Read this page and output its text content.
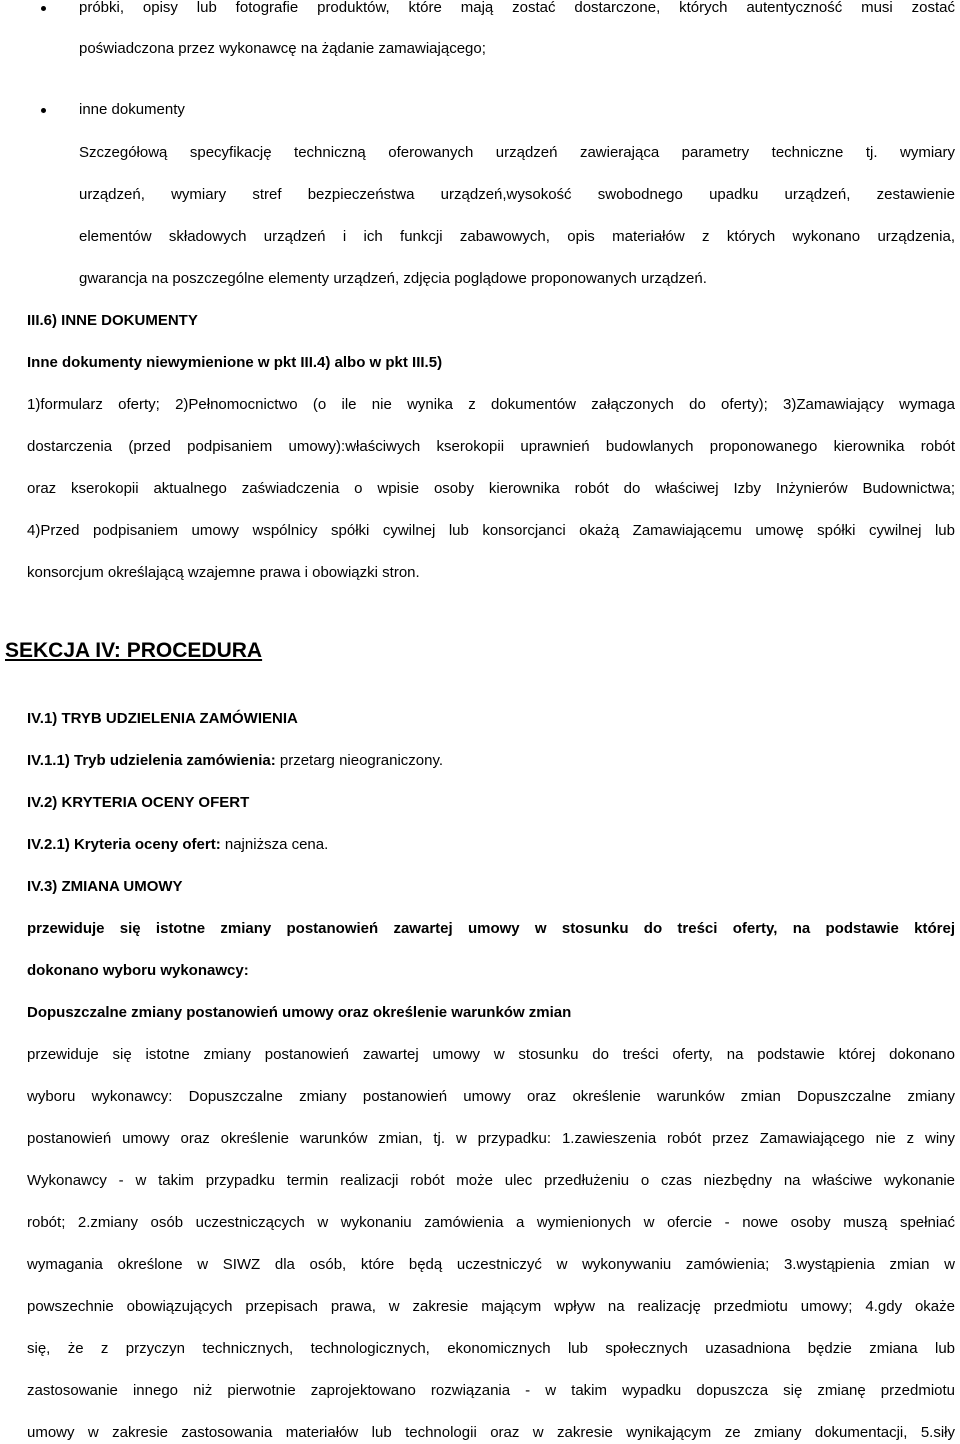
próbki, opisy lub fotografie produktów, które mają zostać dostarczone, których autentyczność musi zostać
poświadczona przez wykonawcę na żądanie zamawiającego;
inne dokumenty
Szczegółową specyfikację techniczną oferowanych urządzeń zawierająca parametry techniczne tj. wymiary
urządzeń, wymiary stref bezpieczeństwa urządzeń,wysokość swobodnego upadku urządzeń, zestawienie
elementów składowych urządzeń i ich funkcji zabawowych, opis materiałów z których wykonano urządzenia,
gwarancja na poszczególne elementy urządzeń, zdjęcia poglądowe proponowanych urządzeń.
III.6) INNE DOKUMENTY
Inne dokumenty niewymienione w pkt III.4) albo w pkt III.5)
1)formularz oferty; 2)Pełnomocnictwo (o ile nie wynika z dokumentów załączonych do oferty); 3)Zamawiający wymaga
dostarczenia (przed podpisaniem umowy):właściwych kserokopii uprawnień budowlanych proponowanego kierownika robót
oraz kserokopii aktualnego zaświadczenia o wpisie osoby kierownika robót do właściwej Izby Inżynierów Budownictwa;
4)Przed podpisaniem umowy wspólnicy spółki cywilnej lub konsorcjanci okażą Zamawiającemu umowę spółki cywilnej lub
konsorcjum określającą wzajemne prawa i obowiązki stron.
SEKCJA IV: PROCEDURA
IV.1) TRYB UDZIELENIA ZAMÓWIENIA
IV.1.1) Tryb udzielenia zamówienia: przetarg nieograniczony.
IV.2) KRYTERIA OCENY OFERT
IV.2.1) Kryteria oceny ofert: najniższa cena.
IV.3) ZMIANA UMOWY
przewiduje się istotne zmiany postanowień zawartej umowy w stosunku do treści oferty, na podstawie której
dokonano wyboru wykonawcy:
Dopuszczalne zmiany postanowień umowy oraz określenie warunków zmian
przewiduje się istotne zmiany postanowień zawartej umowy w stosunku do treści oferty, na podstawie której dokonano
wyboru wykonawcy: Dopuszczalne zmiany postanowień umowy oraz określenie warunków zmian Dopuszczalne zmiany
postanowień umowy oraz określenie warunków zmian, tj. w przypadku: 1.zawieszenia robót przez Zamawiającego nie z winy
Wykonawcy - w takim przypadku termin realizacji robót może ulec przedłużeniu o czas niezbędny na właściwe wykonanie
robót; 2.zmiany osób uczestniczących w wykonaniu zamówienia a wymienionych w ofercie - nowe osoby muszą spełniać
wymagania określone w SIWZ dla osób, które będą uczestniczyć w wykonywaniu zamówienia; 3.wystąpienia zmian w
powszechnie obowiązujących przepisach prawa, w zakresie mającym wpływ na realizację przedmiotu umowy; 4.gdy okaże
się, że z przyczyn technicznych, technologicznych, ekonomicznych lub społecznych uzasadniona będzie zmiana lub
zastosowanie innego niż pierwotnie zaprojektowano rozwiązania - w takim wypadku dopuszcza się zmianę przedmiotu
umowy w zakresie zastosowania materiałów lub technologii oraz w zakresie wynikającym ze zmiany dokumentacji, 5.siły
